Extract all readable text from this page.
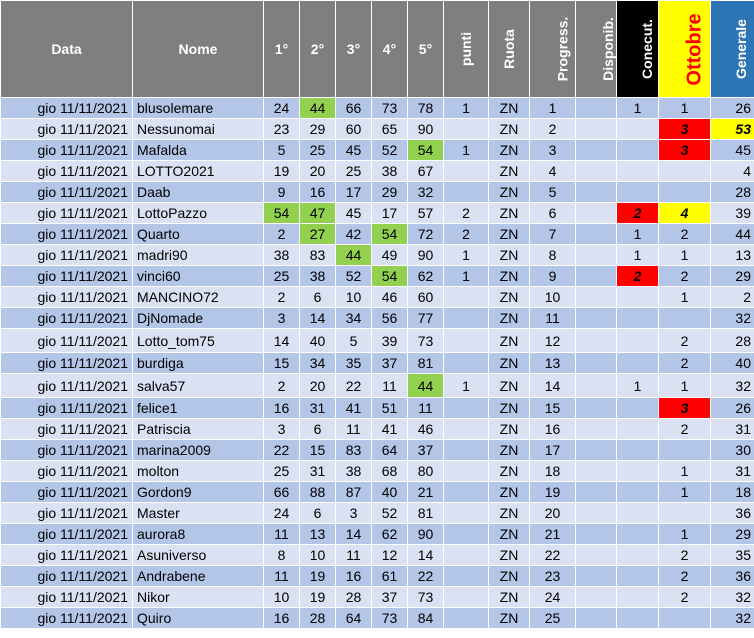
Data	Nome	1°	2°	3°	4°	5°	punti	Ruota	Progress.	Disponib.	Conecut.	Ottobre	Generale
gio 11/11/2021	blusolemare	24	44	66	73	78	1	ZN	1		1	1	26
gio 11/11/2021	Nessunomai	23	29	60	65	90		ZN	2			3	53
gio 11/11/2021	Mafalda	5	25	45	52	54	1	ZN	3			3	45
gio 11/11/2021	LOTTO2021	19	20	25	38	67		ZN	4				4
gio 11/11/2021	Daab	9	16	17	29	32		ZN	5				28
gio 11/11/2021	LottoPazzo	54	47	45	17	57	2	ZN	6		2	4	39
gio 11/11/2021	Quarto	2	27	42	54	72	2	ZN	7		1	2	44
gio 11/11/2021	madri90	38	83	44	49	90	1	ZN	8		1	1	13
gio 11/11/2021	vinci60	25	38	52	54	62	1	ZN	9		2	2	29
gio 11/11/2021	MANCINO72	2	6	10	46	60		ZN	10			1	2
gio 11/11/2021	DjNomade	3	14	34	56	77		ZN	11				32
gio 11/11/2021	Lotto_tom75	14	40	5	39	73		ZN	12			2	28
gio 11/11/2021	burdiga	15	34	35	37	81		ZN	13			2	40
gio 11/11/2021	salva57	2	20	22	11	44	1	ZN	14		1	1	32
gio 11/11/2021	felice1	16	31	41	51	11		ZN	15			3	26
gio 11/11/2021	Patriscia	3	6	11	41	46		ZN	16			2	31
gio 11/11/2021	marina2009	22	15	83	64	37		ZN	17				30
gio 11/11/2021	molton	25	31	38	68	80		ZN	18			1	31
gio 11/11/2021	Gordon9	66	88	87	40	21		ZN	19			1	18
gio 11/11/2021	Master	24	6	3	52	81		ZN	20				36
gio 11/11/2021	aurora8	11	13	14	62	90		ZN	21			1	29
gio 11/11/2021	Asuniverso	8	10	11	12	14		ZN	22			2	35
gio 11/11/2021	Andrabene	11	19	16	61	22		ZN	23			2	36
gio 11/11/2021	Nikor	10	19	28	37	73		ZN	24			2	32
gio 11/11/2021	Quiro	16	28	64	73	84		ZN	25				32
